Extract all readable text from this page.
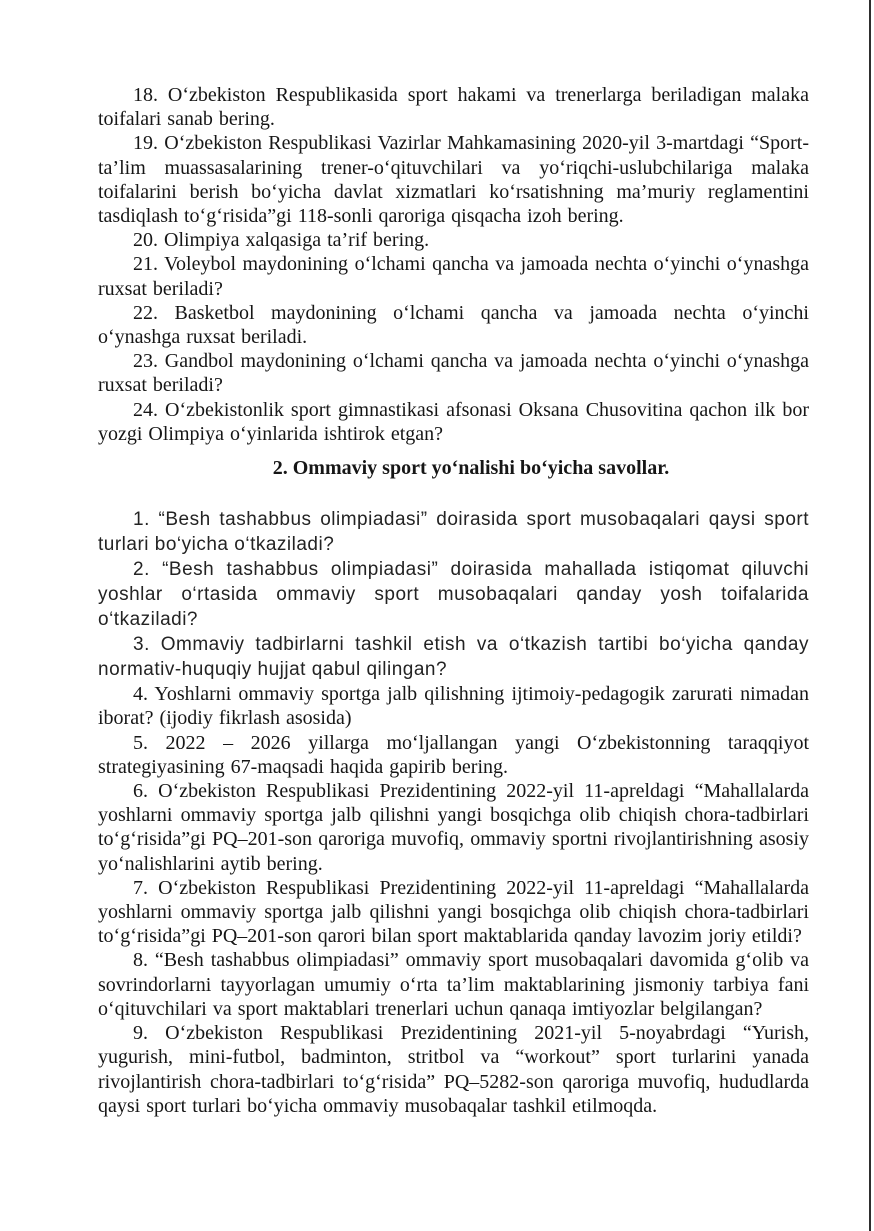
18. O‘zbekiston Respublikasida sport hakami va trenerlarga beriladigan malaka toifalari sanab bering.

19. O‘zbekiston Respublikasi Vazirlar Mahkamasining 2020-yil 3-martdagi “Sport-ta’lim muassasalarining trener-o‘qituvchilari va yo‘riqchi-uslubchilariga malaka toifalarini berish bo‘yicha davlat xizmatlari ko‘rsatishning ma’muriy reglamentini tasdiqlash to‘g‘risida”gi 118-sonli qaroriga qisqacha izoh bering.

20. Olimpiya xalqasiga ta’rif bering.

21. Voleybol maydonining o‘lchami qancha va jamoada nechta o‘yinchi o‘ynashga ruxsat beriladi?

22. Basketbol maydonining o‘lchami qancha va jamoada nechta o‘yinchi o‘ynashga ruxsat beriladi.

23. Gandbol maydonining o‘lchami qancha va jamoada nechta o‘yinchi o‘ynashga ruxsat beriladi?

24. O‘zbekistonlik sport gimnastikasi afsonasi Oksana Chusovitina qachon ilk bor yozgi Olimpiya o‘yinlarida ishtirok etgan?

2. Ommaviy sport yo‘nalishi bo‘yicha savollar.

1. “Besh tashabbus olimpiadasi” doirasida sport musobaqalari qaysi sport turlari bo‘yicha o‘tkaziladi?

2. “Besh tashabbus olimpiadasi” doirasida mahallada istiqomat qiluvchi yoshlar o‘rtasida ommaviy sport musobaqalari qanday yosh toifalarida o‘tkaziladi?

3. Ommaviy tadbirlarni tashkil etish va o‘tkazish tartibi bo‘yicha qanday normativ-huquqiy hujjat qabul qilingan?

4. Yoshlarni ommaviy sportga jalb qilishning ijtimoiy-pedagogik zarurati nimadan iborat? (ijodiy fikrlash asosida)

5. 2022 – 2026 yillarga mo‘ljallangan yangi O‘zbekistonning taraqqiyot strategiyasining 67-maqsadi haqida gapirib bering.

6. O‘zbekiston Respublikasi Prezidentining 2022-yil 11-apreldagi “Mahallalarda yoshlarni ommaviy sportga jalb qilishni yangi bosqichga olib chiqish chora-tadbirlari to‘g‘risida”gi PQ–201-son qaroriga muvofiq, ommaviy sportni rivojlantirishning asosiy yo‘nalishlarini aytib bering.

7. O‘zbekiston Respublikasi Prezidentining 2022-yil 11-apreldagi “Mahallalarda yoshlarni ommaviy sportga jalb qilishni yangi bosqichga olib chiqish chora-tadbirlari to‘g‘risida”gi PQ–201-son qarori bilan sport maktablarida qanday lavozim joriy etildi?

8. “Besh tashabbus olimpiadasi” ommaviy sport musobaqalari davomida g‘olib va sovrindorlarni tayyorlagan umumiy o‘rta ta’lim maktablarining jismoniy tarbiya fani o‘qituvchilari va sport maktablari trenerlari uchun qanaqa imtiyozlar belgilangan?

9. O‘zbekiston Respublikasi Prezidentining 2021-yil 5-noyabrdagi “Yurish, yugurish, mini-futbol, badminton, stritbol va “workout” sport turlarini yanada rivojlantirish chora-tadbirlari to‘g‘risida” PQ–5282-son qaroriga muvofiq, hududlarda qaysi sport turlari bo‘yicha ommaviy musobaqalar tashkil etilmoqda.
